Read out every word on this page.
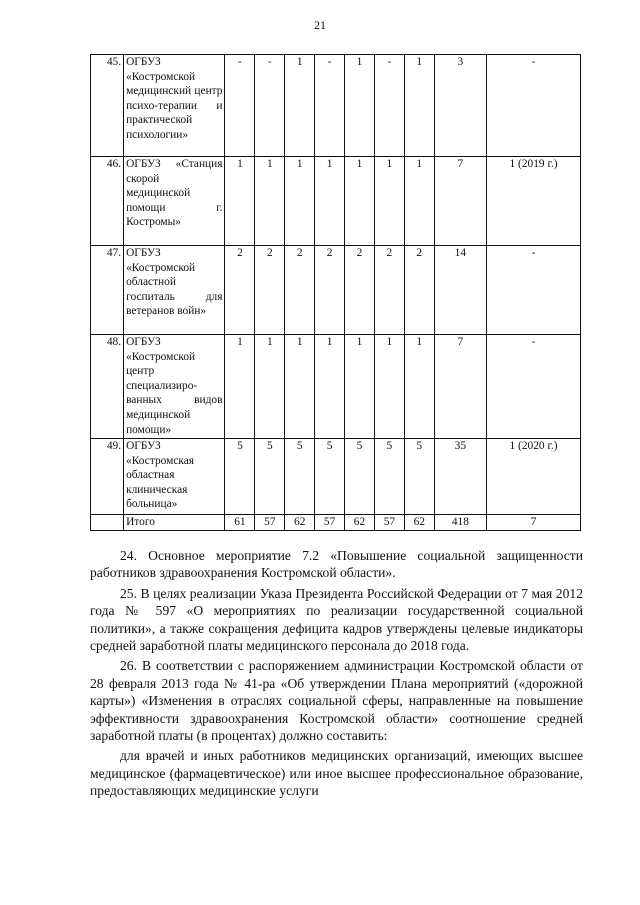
21
45.	ОГБУЗ «Костромской медицинский центр психо-терапии и практической психологии»	-	-	1	-	1	-	1	3	-
46.	ОГБУЗ «Станция скорой медицинской помощи г. Костромы»	1	1	1	1	1	1	1	7	1 (2019 г.)
47.	ОГБУЗ «Костромской областной госпиталь для ветеранов войн»	2	2	2	2	2	2	2	14	-
48.	ОГБУЗ «Костромской центр специализиро-ванных видов медицинской помощи»	1	1	1	1	1	1	1	7	-
49.	ОГБУЗ «Костромская областная клиническая больница»	5	5	5	5	5	5	5	35	1 (2020 г.)
	Итого	61	57	62	57	62	57	62	418	7

24. Основное мероприятие 7.2 «Повышение социальной защищенности работников здравоохранения Костромской области».

25. В целях реализации Указа Президента Российской Федерации от 7 мая 2012 года № 597 «О мероприятиях по реализации государственной социальной политики», а также сокращения дефицита кадров утверждены целевые индикаторы средней заработной платы медицинского персонала до 2018 года.

26. В соответствии с распоряжением администрации Костромской области от 28 февраля 2013 года № 41-ра «Об утверждении Плана мероприятий («дорожной карты») «Изменения в отраслях социальной сферы, направленные на повышение эффективности здравоохранения Костромской области» соотношение средней заработной платы (в процентах) должно составить:

для врачей и иных работников медицинских организаций, имеющих высшее медицинское (фармацевтическое) или иное высшее профессиональное образование, предоставляющих медицинские услуги
